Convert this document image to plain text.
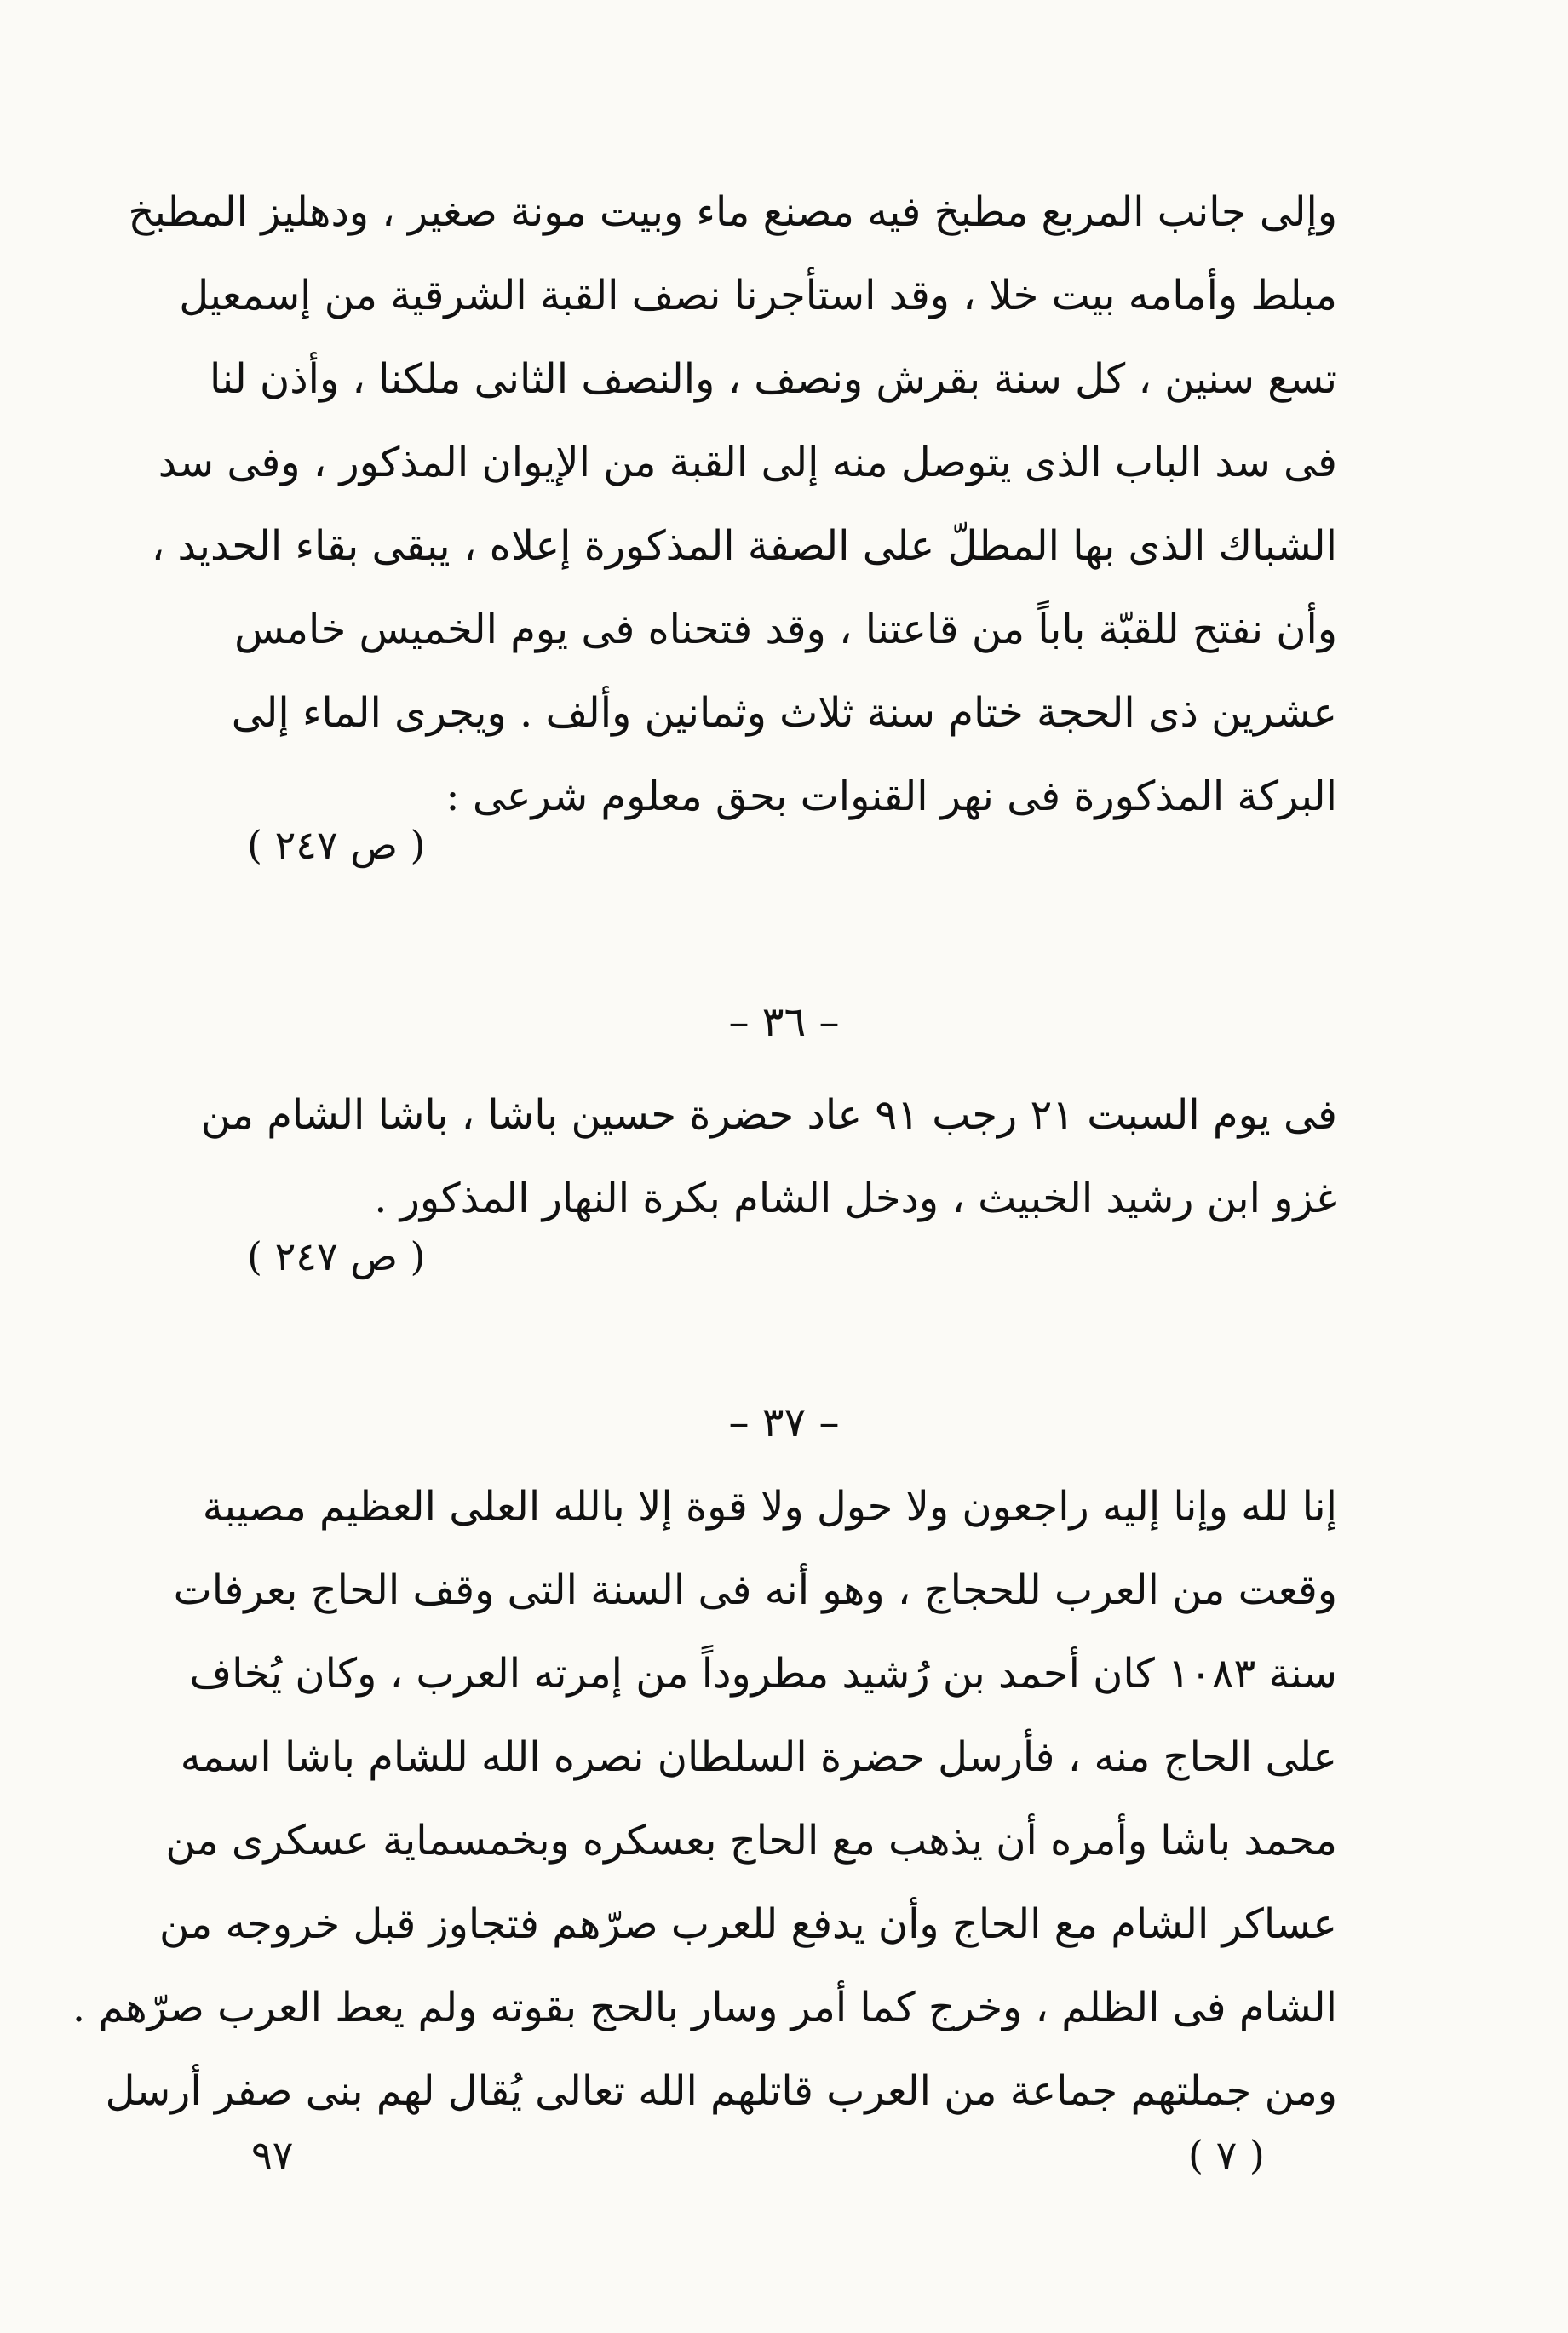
وإلى جانب المربع مطبخ فيه مصنع ماء وبيت مونة صغير ، ودهليز المطبخ
مبلط وأمامه بيت خلا ، وقد استأجرنا نصف القبة الشرقية من إسمعيل
تسع سنين ، كل سنة بقرش ونصف ، والنصف الثانى ملكنا ، وأذن لنا
فى سد الباب الذى يتوصل منه إلى القبة من الإيوان المذكور ، وفى سد
الشباك الذى بها المطلّ على الصفة المذكورة إعلاه ، يبقى بقاء الحديد ،
وأن نفتح للقبّة باباً من قاعتنا ، وقد فتحناه فى يوم الخميس خامس
عشرين ذى الحجة ختام سنة ثلاث وثمانين وألف . ويجرى الماء إلى
البركة المذكورة فى نهر القنوات بحق معلوم شرعى :
( ص ٢٤٧ )
– ٣٦ –
فى يوم السبت ٢١ رجب ٩١ عاد حضرة حسين باشا ، باشا الشام من
غزو ابن رشيد الخبيث ، ودخل الشام بكرة النهار المذكور .
( ص ٢٤٧ )
– ٣٧ –
إنا لله وإنا إليه راجعون ولا حول ولا قوة إلا بالله العلى العظيم مصيبة
وقعت من العرب للحجاج ، وهو أنه فى السنة التى وقف الحاج بعرفات
سنة ١٠٨٣ كان أحمد بن رُشيد مطروداً من إمرته العرب ، وكان يُخاف
على الحاج منه ، فأرسل حضرة السلطان نصره الله للشام باشا اسمه
محمد باشا وأمره أن يذهب مع الحاج بعسكره وبخمسماية عسكرى من
عساكر الشام مع الحاج وأن يدفع للعرب صرّهم فتجاوز قبل خروجه من
الشام فى الظلم ، وخرج كما أمر وسار بالحج بقوته ولم يعط العرب صرّهم .
ومن جملتهم جماعة من العرب قاتلهم الله تعالى يُقال لهم بنى صفر أرسل
( ٧ )
٩٧
